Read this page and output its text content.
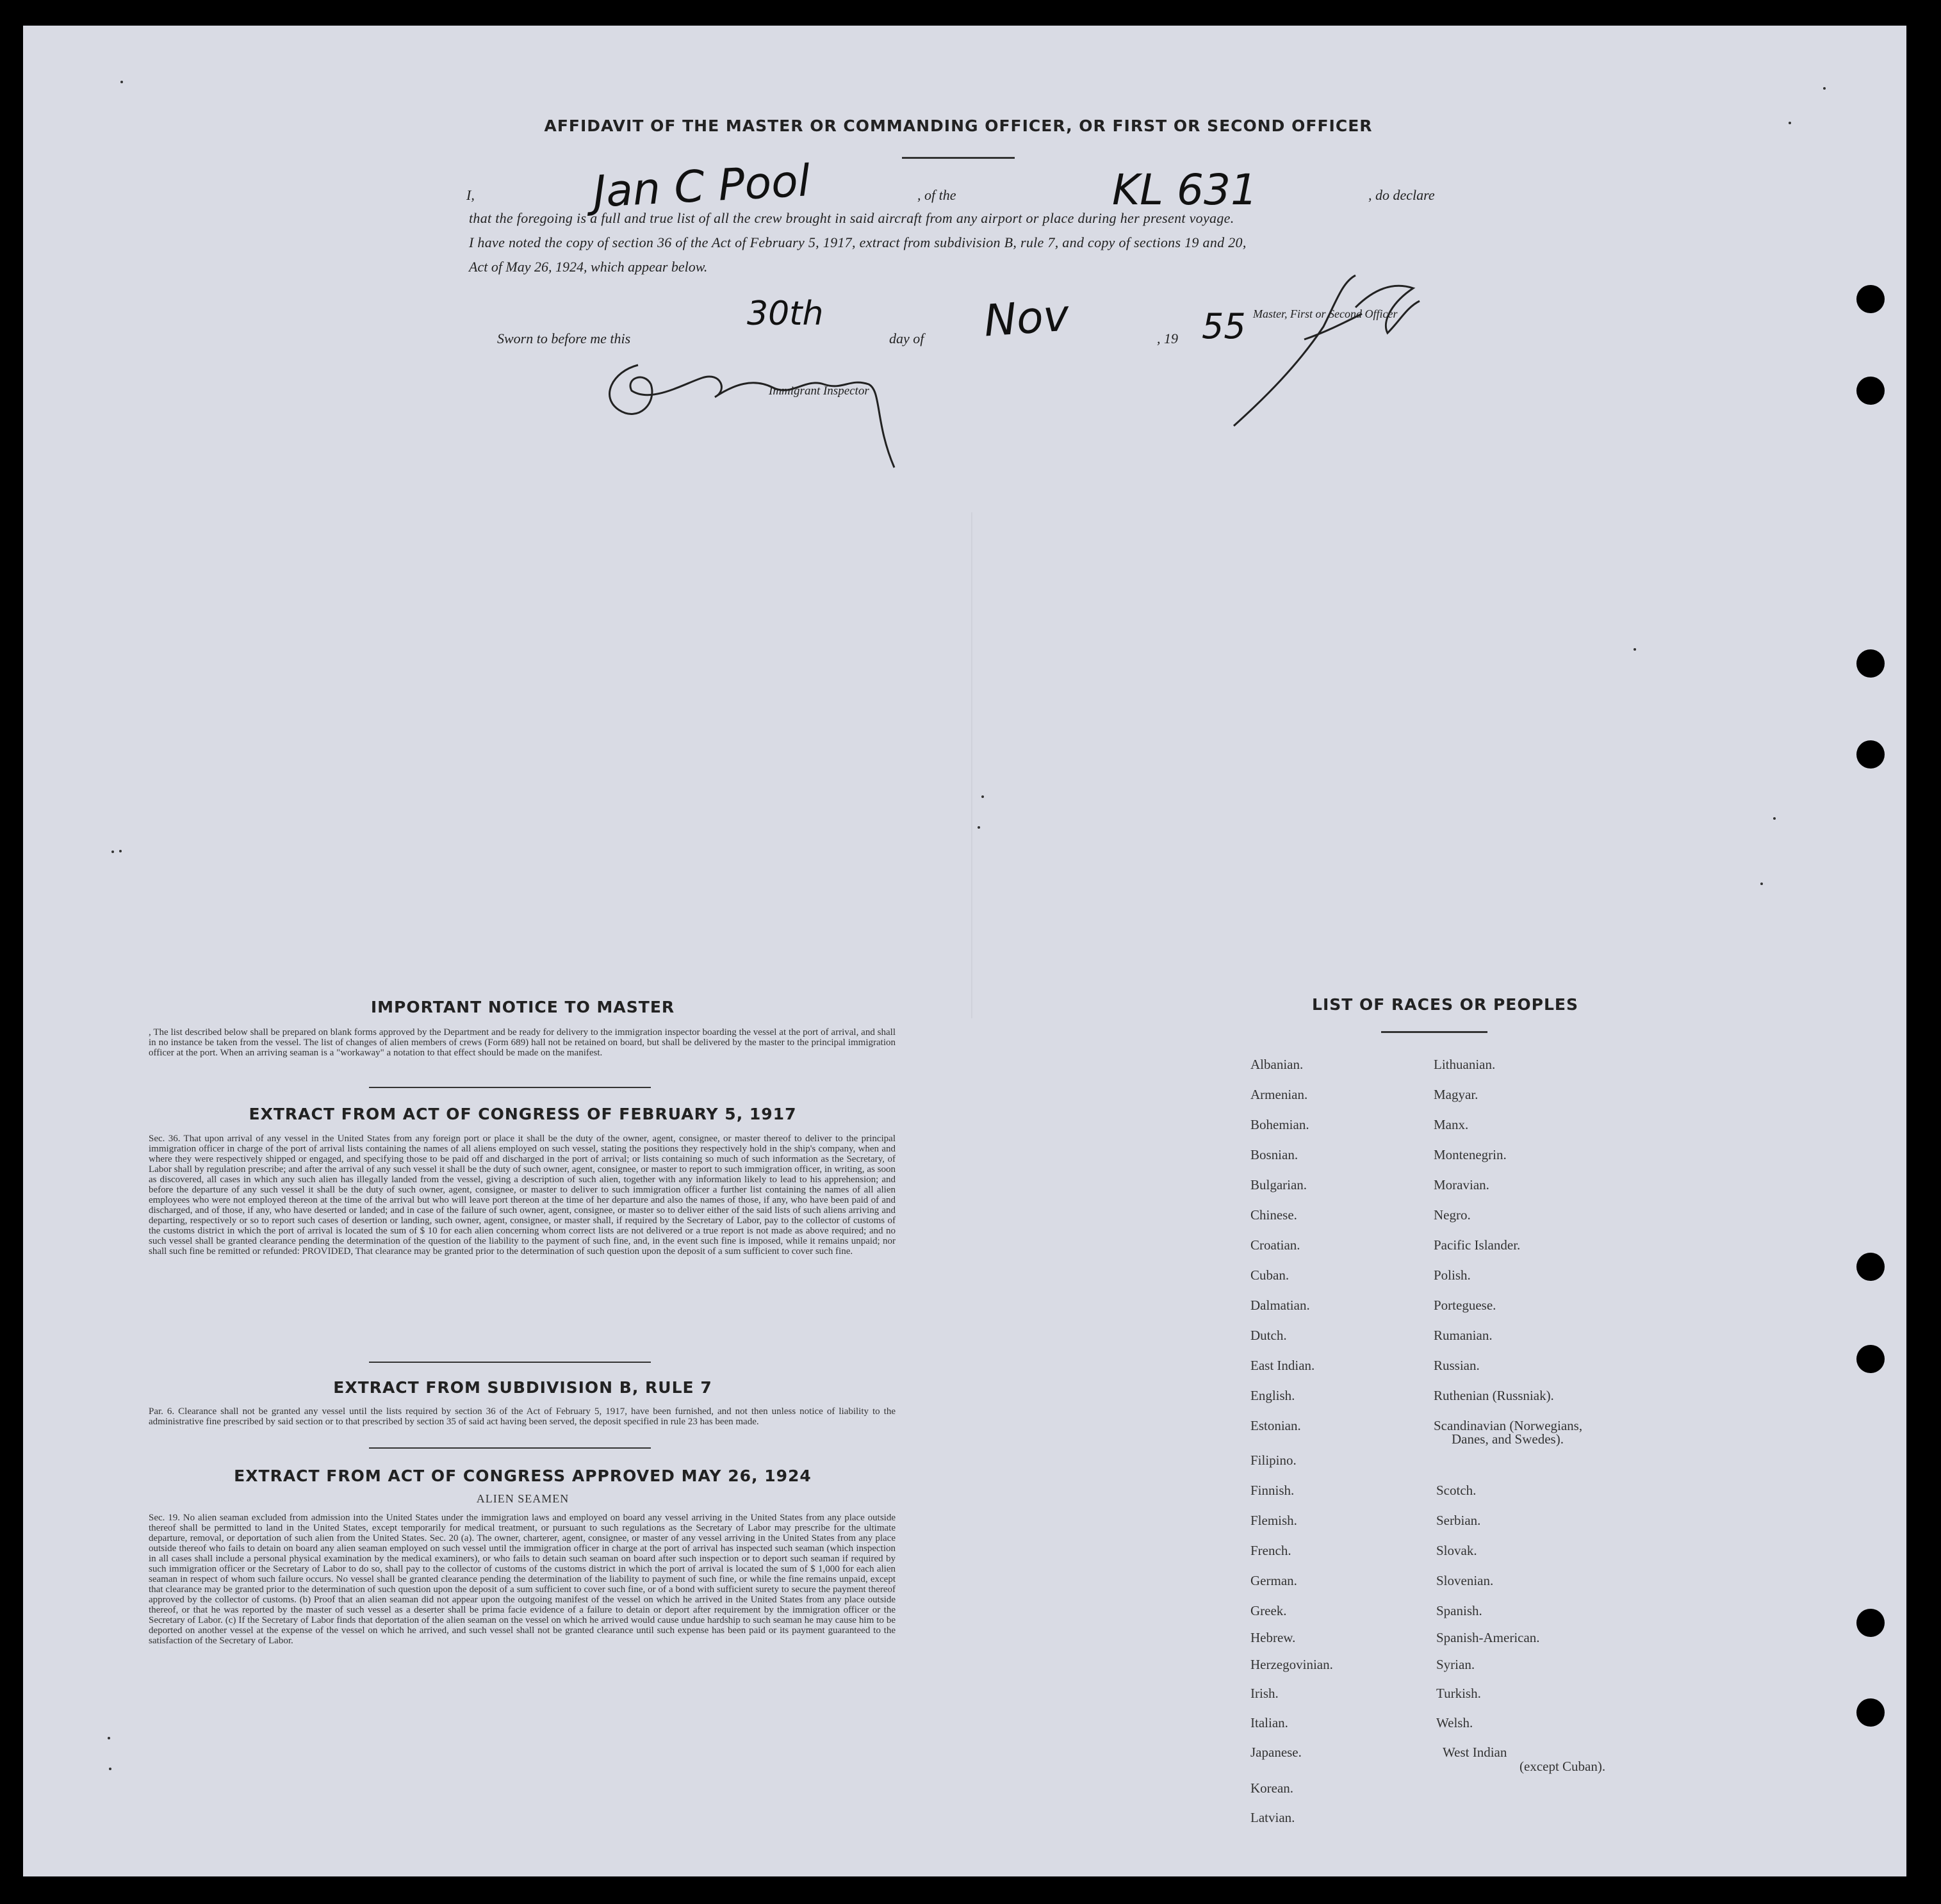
AFFIDAVIT OF THE MASTER OR COMMANDING OFFICER, OR FIRST OR SECOND OFFICER
I,	Jan C Pool	, of the	KL 631	, do declare
that the foregoing is a full and true list of all the crew brought in said aircraft from any airport or place during her present voyage.
I have noted the copy of section 36 of the Act of February 5, 1917, extract from subdivision B, rule 7, and copy of sections 19 and 20,
Act of May 26, 1924, which appear below.
Sworn to before me this
30th
day of Nov	, 19 55 Master, First or Second Officer
Immigrant Inspector
IMPORTANT NOTICE TO MASTER
, The list described below shall be prepared on blank forms approved by the Department and be ready for delivery to the immigration inspector boarding the vessel at the port of arrival, and shall in no instance be taken from the vessel. The list of changes of alien members of crews (Form 689) hall not be retained on board, but shall be delivered by the master to the principal immigration officer at the port. When an arriving seaman is a "workaway" a notation to that effect should be made on the manifest.
EXTRACT FROM ACT OF CONGRESS OF FEBRUARY 5, 1917
Sec. 36. That upon arrival of any vessel in the United States from any foreign port or place it shall be the duty of the owner, agent, consignee, or master thereof to deliver to the principal immigration officer in charge of the port of arrival lists containing the names of all aliens employed on such vessel, stating the positions they respectively hold in the ship's company, when and where they were respectively shipped or engaged, and specifying those to be paid off and discharged in the port of arrival; or lists containing so much of such information as the Secretary, of Labor shall by regulation prescribe; and after the arrival of any such vessel it shall be the duty of such owner, agent, consignee, or master to report to such immigration officer, in writing, as soon as discovered, all cases in which any such alien has illegally landed from the vessel, giving a description of such alien, together with any information likely to lead to his apprehension; and before the departure of any such vessel it shall be the duty of such owner, agent, consignee, or master to deliver to such immigration officer a further list containing the names of all alien employees who were not employed thereon at the time of the arrival but who will leave port thereon at the time of her departure and also the names of those, if any, who have been paid of and discharged, and of those, if any, who have deserted or landed; and in case of the failure of such owner, agent, consignee, or master so to deliver either of the said lists of such aliens arriving and departing, respectively or so to report such cases of desertion or landing, such owner, agent, consignee, or master shall, if required by the Secretary of Labor, pay to the collector of customs of the customs district in which the port of arrival is located the sum of $ 10 for each alien concerning whom correct lists are not delivered or a true report is not made as above required; and no such vessel shall be granted clearance pending the determination of the question of the liability to the payment of such fine, and, in the event such fine is imposed, while it remains unpaid; nor shall such fine be remitted or refunded: PROVIDED, That clearance may be granted prior to the determination of such question upon the deposit of a sum sufficient to cover such fine.
EXTRACT FROM SUBDIVISION B, RULE 7
Par. 6. Clearance shall not be granted any vessel until the lists required by section 36 of the Act of February 5, 1917, have been furnished, and not then unless notice of liability to the administrative fine prescribed by said section or to that prescribed by section 35 of said act having been served, the deposit specified in rule 23 has been made.
EXTRACT FROM ACT OF CONGRESS APPROVED MAY 26, 1924
ALIEN SEAMEN
Sec. 19. No alien seaman excluded from admission into the United States under the immigration laws and employed on board any vessel arriving in the United States from any place outside thereof shall be permitted to land in the United States, except temporarily for medical treatment, or pursuant to such regulations as the Secretary of Labor may prescribe for the ultimate departure, removal, or deportation of such alien from the United States. Sec. 20 (a). The owner, charterer, agent, consignee, or master of any vessel arriving in the United States from any place outside thereof who fails to detain on board any alien seaman employed on such vessel until the immigration officer in charge at the port of arrival has inspected such seaman (which inspection in all cases shall include a personal physical examination by the medical examiners), or who fails to detain such seaman on board after such inspection or to deport such seaman if required by such immigration officer or the Secretary of Labor to do so, shall pay to the collector of customs of the customs district in which the port of arrival is located the sum of $ 1,000 for each alien seaman in respect of whom such failure occurs. No vessel shall be granted clearance pending the determination of the liability to payment of such fine, or while the fine remains unpaid, except that clearance may be granted prior to the determination of such question upon the deposit of a sum sufficient to cover such fine, or of a bond with sufficient surety to secure the payment thereof approved by the collector of customs. (b) Proof that an alien seaman did not appear upon the outgoing manifest of the vessel on which he arrived in the United States from any place outside thereof, or that he was reported by the master of such vessel as a deserter shall be prima facie evidence of a failure to detain or deport after requirement by the immigration officer or the Secretary of Labor. (c) If the Secretary of Labor finds that deportation of the alien seaman on the vessel on which he arrived would cause undue hardship to such seaman he may cause him to be deported on another vessel at the expense of the vessel on which he arrived, and such vessel shall not be granted clearance until such expense has been paid or its payment guaranteed to the satisfaction of the Secretary of Labor.
LIST OF RACES OR PEOPLES
Albanian.
Armenian.
Bohemian.
Bosnian.
Bulgarian.
Chinese.
Croatian.
Cuban.
Dalmatian.
Dutch.
East Indian.
English.
Estonian.
Filipino.
Finnish.
Flemish.
French.
German.
Greek.
Hebrew.
Herzegovinian.
Irish.
Italian.
Japanese.
Korean.
Latvian.
Lithuanian.
Magyar.
Manx.
Montenegrin.
Moravian.
Negro.
Pacific Islander.
Polish.
Porteguese.
Rumanian.
Russian.
Ruthenian (Russniak).
Scandinavian (Norwegians,
Danes, and Swedes).
Scotch.
Serbian.
Slovak.
Slovenian.
Spanish.
Spanish-American.
Syrian.
Turkish.
Welsh.
West Indian
(except Cuban).
